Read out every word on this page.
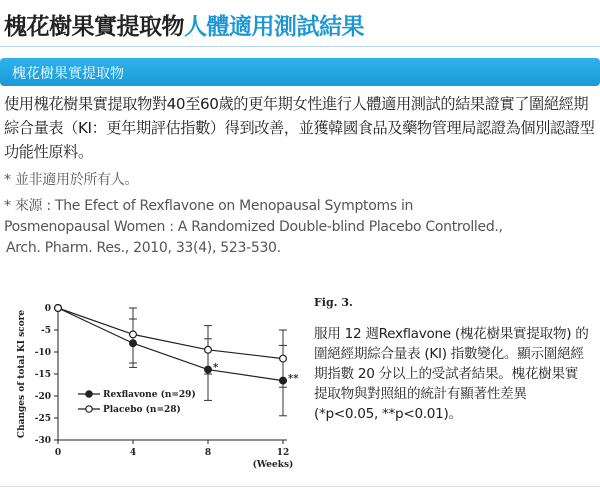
槐花樹果實提取物人體適用測試結果
槐花樹果實提取物

使用槐花樹果實提取物對40至60歲的更年期女性進行人體適用測試的結果證實了圍絕經期綜合量表（KI：更年期評估指數）得到改善，並獲韓國食品及藥物管理局認證為個別認證型功能性原料。

* 並非適用於所有人。

* 來源 : The Efect of Rexflavone on Menopausal Symptoms in
Posmenopausal Women : A Randomized Double-blind Placebo Controlled.,
Arch. Pharm. Res., 2010, 33(4), 523-530.

0
-5
-10
-15
-20
-25
-30
0	4	8	12
(Weeks)
Changes of total KI score	*
**
Rexflavone (n=29)
Placebo (n=28)

Fig. 3.

服用 12 週Rexflavone (槐花樹果實提取物) 的圍絕經期綜合量表 (KI) 指數變化。顯示圍絕經期指數 20 分以上的受試者結果。槐花樹果實提取物與對照組的統計有顯著性差異 (*p<0.05, **p<0.01)。
